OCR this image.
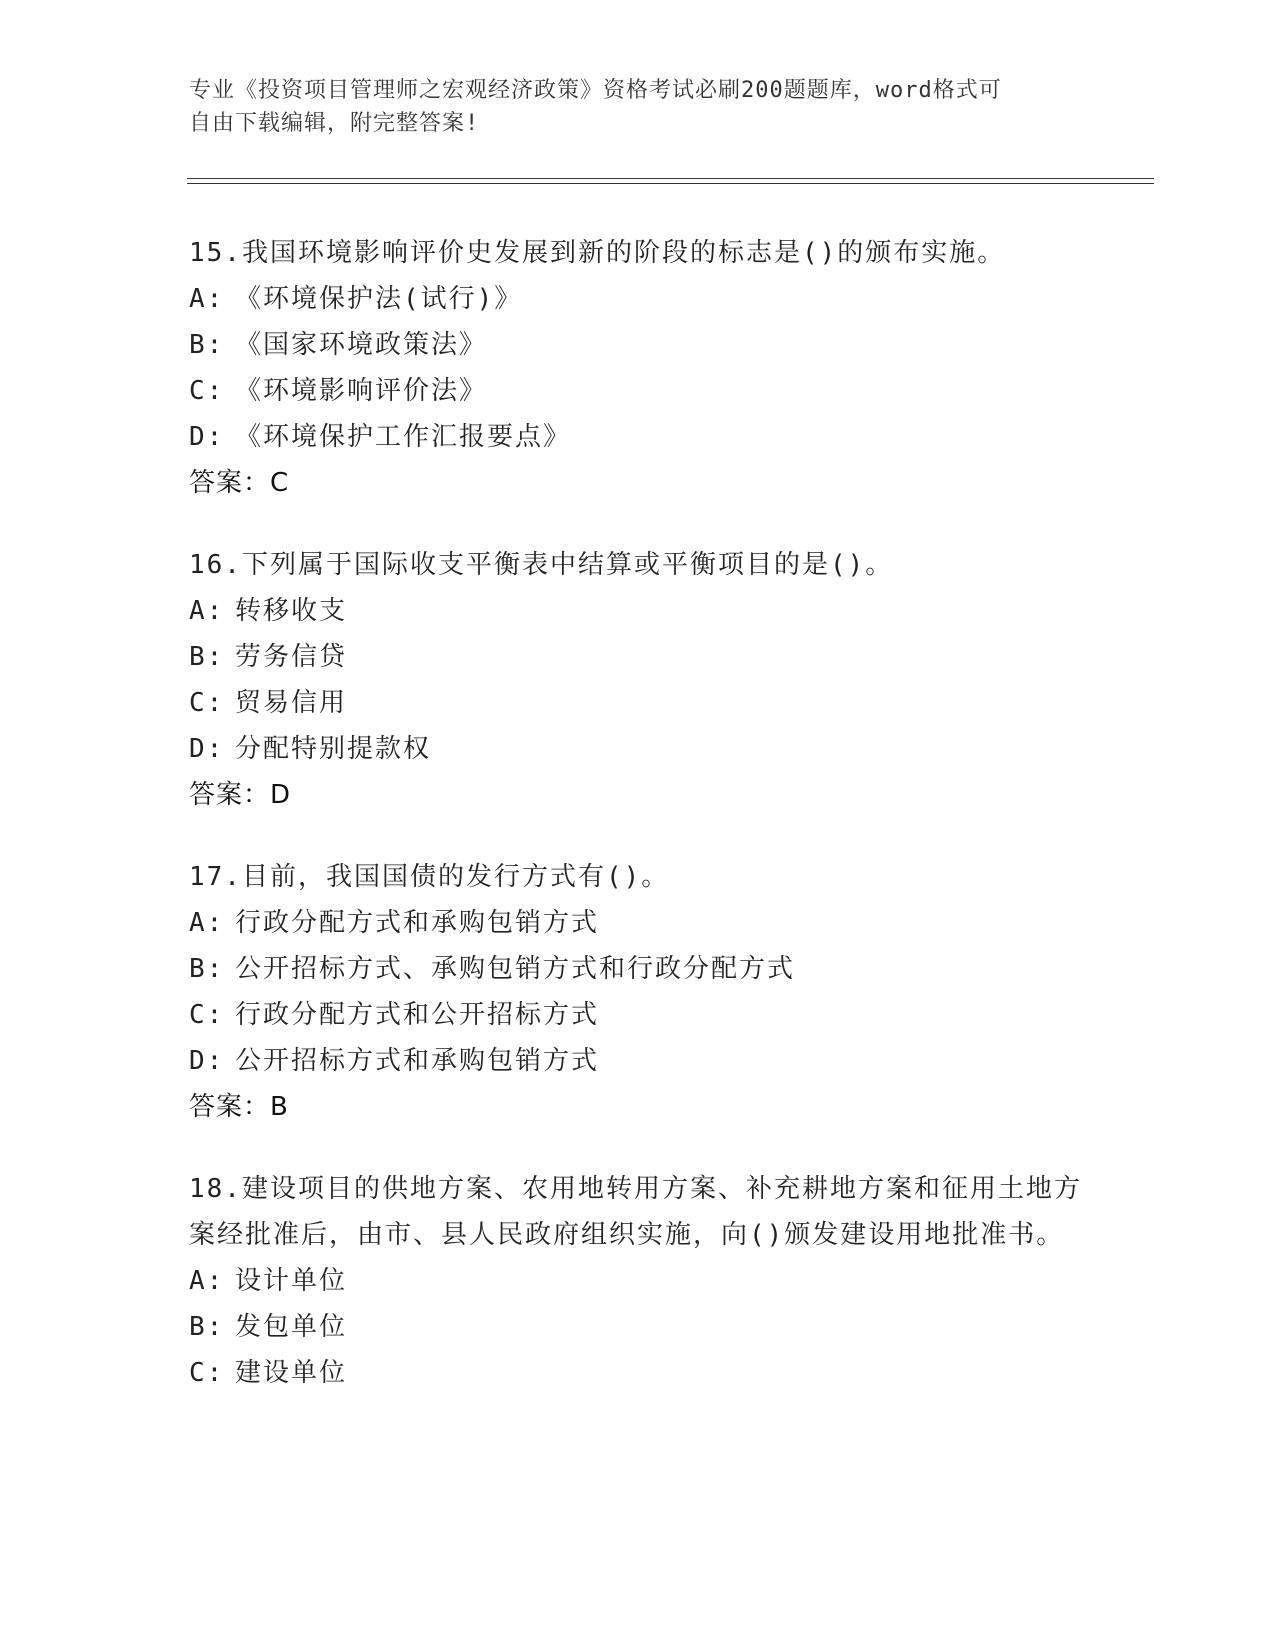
专业《投资项目管理师之宏观经济政策》资格考试必刷200题题库，word格式可
自由下载编辑，附完整答案!
15.我国环境影响评价史发展到新的阶段的标志是()的颁布实施。
A: 《环境保护法(试行)》
B: 《国家环境政策法》
C: 《环境影响评价法》
D: 《环境保护工作汇报要点》
答案：C
16.下列属于国际收支平衡表中结算或平衡项目的是()。
A: 转移收支
B: 劳务信贷
C: 贸易信用
D: 分配特别提款权
答案：D
17.目前，我国国债的发行方式有()。
A: 行政分配方式和承购包销方式
B: 公开招标方式、承购包销方式和行政分配方式
C: 行政分配方式和公开招标方式
D: 公开招标方式和承购包销方式
答案：B
18.建设项目的供地方案、农用地转用方案、补充耕地方案和征用土地方案经批准后，由市、县人民政府组织实施，向()颁发建设用地批准书。
A: 设计单位
B: 发包单位
C: 建设单位
